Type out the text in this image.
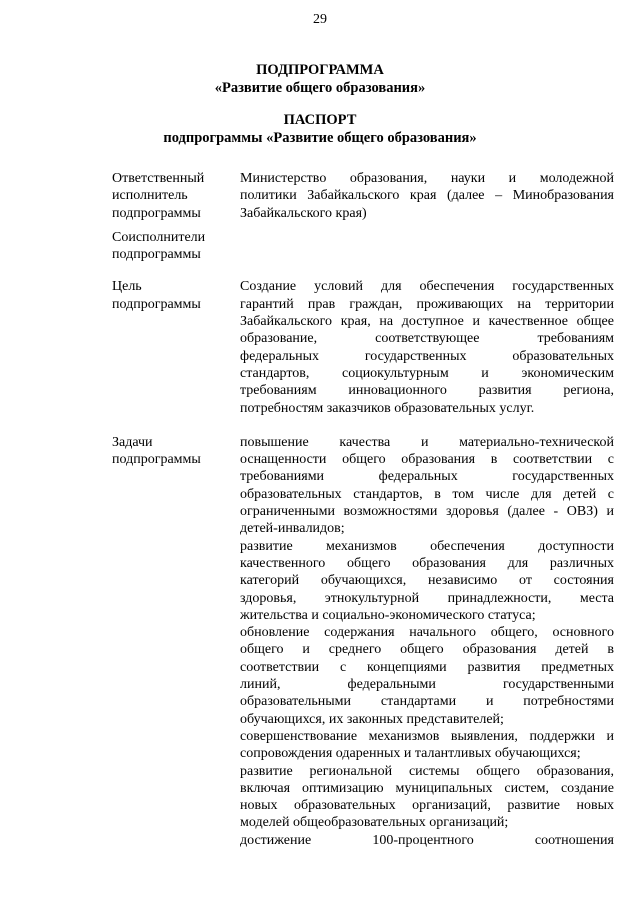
29
ПОДПРОГРАММА
«Развитие общего образования»
ПАСПОРТ
подпрограммы «Развитие общего образования»
Ответственный
исполнитель
подпрограммы
Министерство образования, науки и молодежной
политики Забайкальского края (далее – Минобразования
Забайкальского края)
Соисполнители
подпрограммы
Цель
подпрограммы
Создание условий для обеспечения государственных
гарантий прав граждан, проживающих на территории
Забайкальского края, на доступное и качественное общее
образование, соответствующее требованиям
федеральных государственных образовательных
стандартов, социокультурным и экономическим
требованиям инновационного развития региона,
потребностям заказчиков образовательных услуг.
Задачи
подпрограммы
повышение качества и материально-технической
оснащенности общего образования в соответствии с
требованиями федеральных государственных
образовательных стандартов, в том числе для детей с
ограниченными возможностями здоровья (далее - ОВЗ) и
детей-инвалидов;
развитие механизмов обеспечения доступности
качественного общего образования для различных
категорий обучающихся, независимо от состояния
здоровья, этнокультурной принадлежности, места
жительства и социально-экономического статуса;
обновление содержания начального общего, основного
общего и среднего общего образования детей в
соответствии с концепциями развития предметных
линий, федеральными государственными
образовательными стандартами и потребностями
обучающихся, их законных представителей;
совершенствование механизмов выявления, поддержки и
сопровождения одаренных и талантливых обучающихся;
развитие региональной системы общего образования,
включая оптимизацию муниципальных систем, создание
новых образовательных организаций, развитие новых
моделей общеобразовательных организаций;
достижение 100-процентного соотношения
